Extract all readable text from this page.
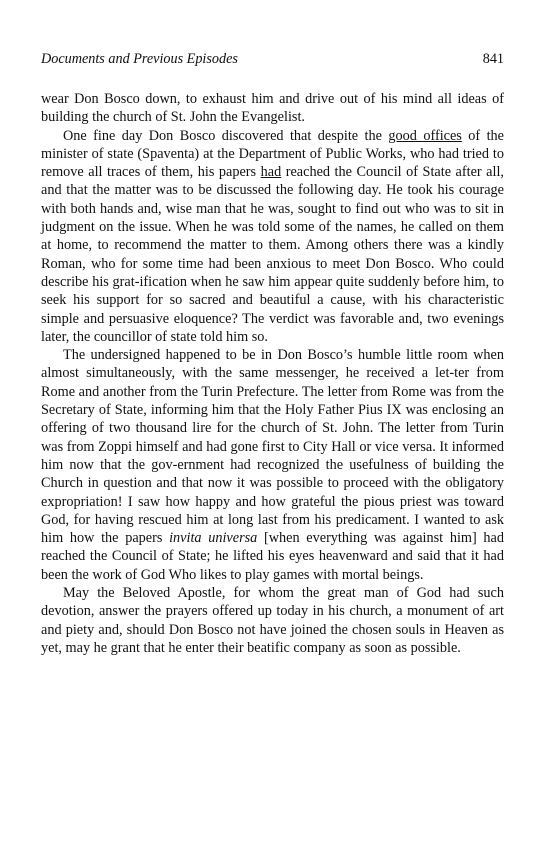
Documents and Previous Episodes	841

wear Don Bosco down, to exhaust him and drive out of his mind all ideas of building the church of St. John the Evangelist.

One fine day Don Bosco discovered that despite the good offices of the minister of state (Spaventa) at the Department of Public Works, who had tried to remove all traces of them, his papers had reached the Council of State after all, and that the matter was to be discussed the following day. He took his courage with both hands and, wise man that he was, sought to find out who was to sit in judgment on the issue. When he was told some of the names, he called on them at home, to recommend the matter to them. Among others there was a kindly Roman, who for some time had been anxious to meet Don Bosco. Who could describe his grat-ification when he saw him appear quite suddenly before him, to seek his support for so sacred and beautiful a cause, with his characteristic simple and persuasive eloquence? The verdict was favorable and, two evenings later, the councillor of state told him so.

The undersigned happened to be in Don Bosco’s humble little room when almost simultaneously, with the same messenger, he received a let-ter from Rome and another from the Turin Prefecture. The letter from Rome was from the Secretary of State, informing him that the Holy Father Pius IX was enclosing an offering of two thousand lire for the church of St. John. The letter from Turin was from Zoppi himself and had gone first to City Hall or vice versa. It informed him now that the gov-ernment had recognized the usefulness of building the Church in question and that now it was possible to proceed with the obligatory expropriation! I saw how happy and how grateful the pious priest was toward God, for having rescued him at long last from his predicament. I wanted to ask him how the papers invita universa [when everything was against him] had reached the Council of State; he lifted his eyes heavenward and said that it had been the work of God Who likes to play games with mortal beings.

May the Beloved Apostle, for whom the great man of God had such devotion, answer the prayers offered up today in his church, a monument of art and piety and, should Don Bosco not have joined the chosen souls in Heaven as yet, may he grant that he enter their beatific company as soon as possible.
